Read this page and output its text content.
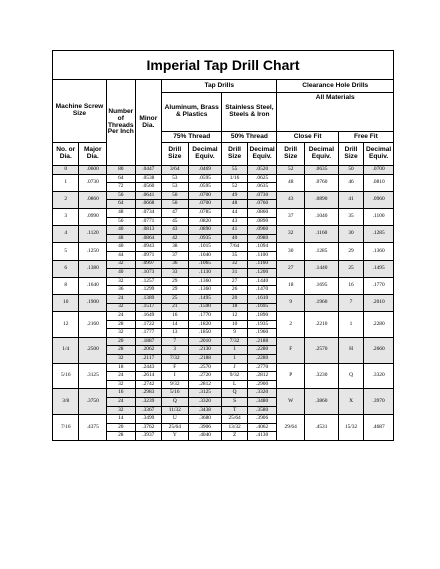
Imperial Tap Drill Chart
Machine Screw Size		Number of Threads Per Inch	Minor Dia.	Tap Drills				Clearance Hole Drills			
				Aluminum, Brass & Plastics		Stainless Steel, Steels & Iron		All Materials			
				75% Thread		50% Thread		Close Fit		Free Fit	
No. or Dia.	Major Dia.			Drill Size	Decimal Equiv.	Drill Size	Decimal Equiv.	Drill Size	Decimal Equiv.	Drill Size	Decimal Equiv.
0	.0600	80	.0447	3/64	.0469	55	.0520	52	.0635	50	.0700
1	.0730	64	.0538	53	.0595	1/16	.0625	48	.0760	46	.0810
		72	.0560	53	.0595	52	.0635				
2	.0860	56	.0641	50	.0700	49	.0730	43	.0890	41	.0960
		64	.0668	50	.0700	48	.0760				
3	.0990	48	.0734	47	.0785	44	.0860	37	.1040	35	.1100
		56	.0771	45	.0820	43	.0890				
4	.1120	40	.0813	43	.0890	41	.0960	32	.1160	30	.1285
		48	.0864	42	.0935	40	.0980				
5	.1250	40	.0943	38	.1015	7/64	.1094	30	.1285	29	.1360
		44	.0971	37	.1040	35	.1100				
6	.1380	32	.0997	36	.1065	32	.1160	27	.1440	25	.1495
		40	.1073	33	.1130	31	.1200				
8	.1640	32	.1257	29	.1360	27	.1440	18	.1695	16	.1770
		36	.1299	29	.1360	26	.1470				
10	.1900	24	.1389	25	.1495	20	.1610	9	.1960	7	.2010
		32	.1517	21	.1590	18	.1695				
12	.2160	24	.1649	16	.1770	12	.1890	2	.2210	1	.2280
		28	.1722	14	.1820	10	.1935				
		32	.1777	13	.1850	9	.1960				
1/4	.2500	20	.1887	7	.2010	7/32	.2188	F	.2570	H	.2660
		28	.2062	3	.2130	1	.2280				
		32	.2117	7/32	.2188	1	.2280				
5/16	.3125	18	.2443	F	.2570	J	.2770	P	.3230	Q	.3320
		24	.2614	I	.2720	9/32	.2812				
		32	.2742	9/32	.2812	L	.2900				
3/8	.3750	16	.2983	5/16	.3125	Q	.3320	W	.3860	X	.3970
		24	.3239	Q	.3320	S	.3480				
		32	.3367	11/32	.3438	T	.3580				
7/16	.4375	14	.3499	U	.3680	25/64	.3906	29/64	.4531	15/32	.4687
		20	.3762	25/64	.3906	13/32	.4062				
		28	.3937	Y	.4040	Z	.4130				
